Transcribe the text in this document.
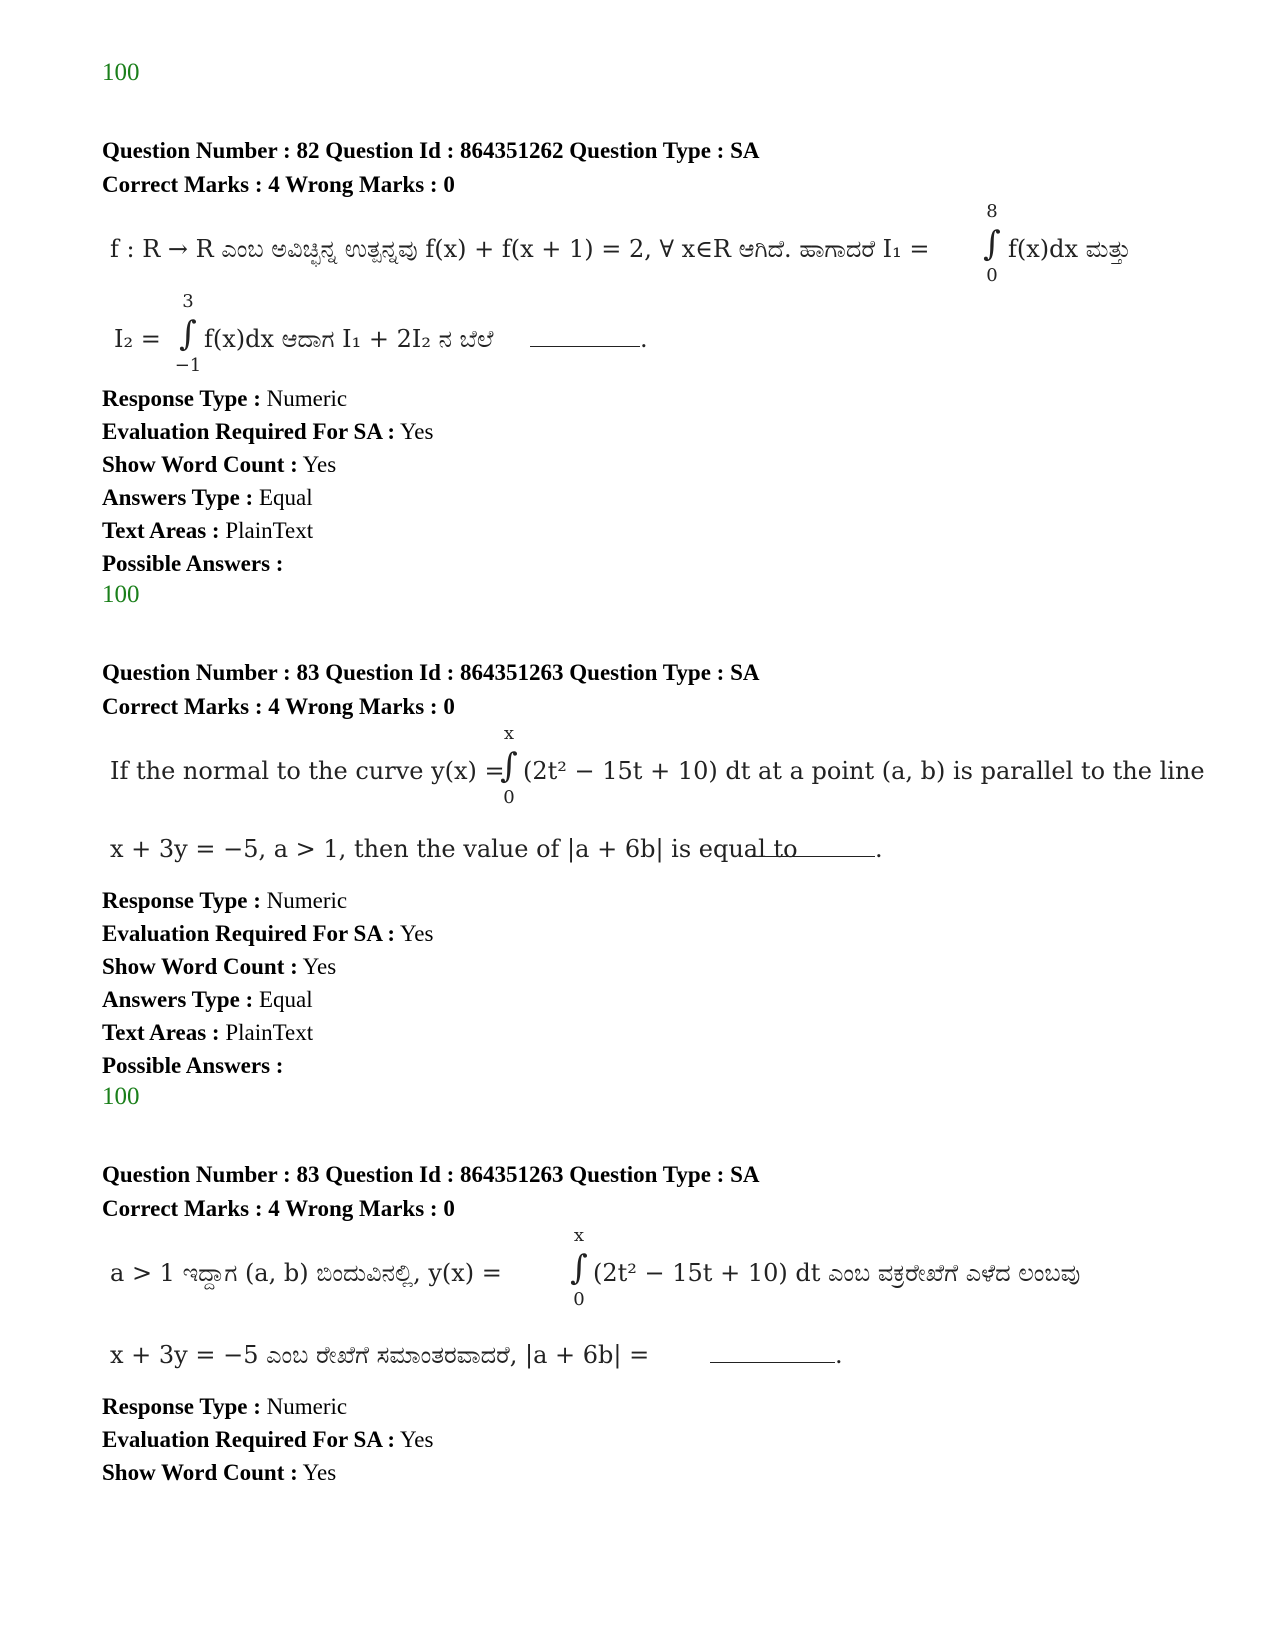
100

Question Number : 82 Question Id : 864351262 Question Type : SA
Correct Marks : 4 Wrong Marks : 0
f : R → R ಎಂಬ ಅವಿಚ್ಛಿನ್ನ ಉತ್ಪನ್ನವು f(x) + f(x + 1) = 2, ∀ x∈R ಆಗಿದೆ. ಹಾಗಾದರೆ I₁ =
8
∫
0
f(x)dx ಮತ್ತು
I₂ =
3
∫
−1
f(x)dx ಆದಾಗ I₁ + 2I₂ ನ ಬೆಲೆ	.
Response Type : Numeric
Evaluation Required For SA : Yes
Show Word Count : Yes
Answers Type : Equal
Text Areas : PlainText
Possible Answers :

100

Question Number : 83 Question Id : 864351263 Question Type : SA
Correct Marks : 4 Wrong Marks : 0
If the normal to the curve y(x) =
x
∫
0
(2t² − 15t + 10) dt at a point (a, b) is parallel to the line
x + 3y = −5, a > 1, then the value of |a + 6b| is equal to	.
Response Type : Numeric
Evaluation Required For SA : Yes
Show Word Count : Yes
Answers Type : Equal
Text Areas : PlainText
Possible Answers :

100

Question Number : 83 Question Id : 864351263 Question Type : SA
Correct Marks : 4 Wrong Marks : 0
a > 1 ಇದ್ದಾಗ (a, b) ಬಿಂದುವಿನಲ್ಲಿ, y(x) =
x
∫
0
(2t² − 15t + 10) dt ಎಂಬ ವಕ್ರರೇಖೆಗೆ ಎಳೆದ ಲಂಬವು
x + 3y = −5 ಎಂಬ ರೇಖೆಗೆ ಸಮಾಂತರವಾದರೆ, |a + 6b| =	.
Response Type : Numeric
Evaluation Required For SA : Yes
Show Word Count : Yes
